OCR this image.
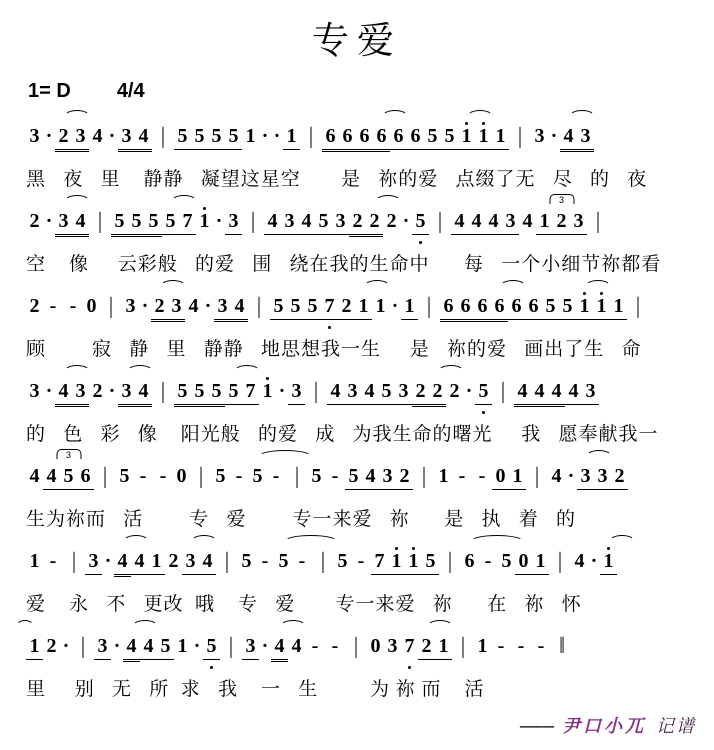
专爱
1= D 4/4
3 · 2 3 4 · 3 4 | 5 5 5 5 1 · · 1 | 6 6 6 6 6 6 5 5 1 1 1 | 3 · 4 3
黑   夜   里    静静   凝望这星空       是   祢的爱   点缀了无   尽   的   夜
2 · 3 4 | 5 5 5 5 7 1 · 3 | 4 3 4 5 3 2 2 2 · 5 | 4 4 4 3 4 1
3
2 3 |
空    像     云彩般   的爱   围   绕在我的生命中      每   一个小细节祢都看
2 - - 0 | 3 · 2 3 4 · 3 4 | 5 5 5 7 2 1 1 · 1 | 6 6 6 6 6 6 5 5 1 1 1 |
顾        寂   静   里   静静   地思想我一生     是   祢的爱   画出了生   命
3 · 4 3 2 · 3 4 | 5 5 5 5 7 1 · 3 | 4 3 4 5 3 2 2 2 · 5 | 4 4 4 4 3
的   色   彩   像    阳光般   的爱   成   为我生命的曙光     我   愿奉献我一
4 4
3
5 6 | 5 - - 0 | 5 - 5 - | 5 - 5 4 3 2 | 1 - - 0 1 | 4 · 3 3 2
生为祢而   活        专   爱        专一来爱   祢      是   执   着   的
1 - | 3 · 4 4 1 2 3 4 | 5 - 5 - | 5 - 7 1 1 5 | 6 - 5 0 1 | 4 · 1
爱    永   不   更改  哦    专   爱       专一来爱   祢      在   祢   怀
1 2 · | 3 · 4 4 5 1 · 5 | 3 · 4 4 - - | 0 3 7 2 1 | 1 - - - ‖
里     别   无   所  求   我    一   生         为 祢 而    活
—— 尹口小兀 记谱
